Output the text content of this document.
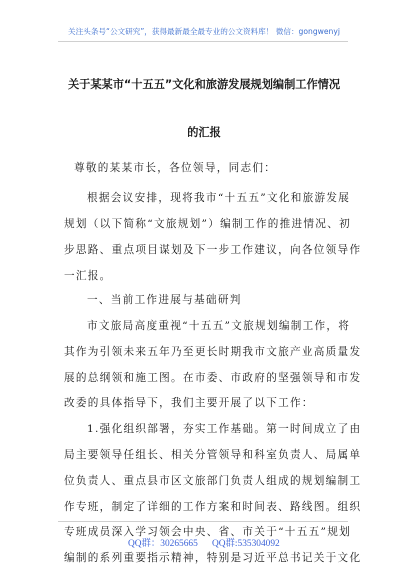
关注头条号“公文研究”，获得最新最全最专业的公文资料库！ 微信：gongwenyj
关于某某市“十五五”文化和旅游发展规划编制工作情况
的汇报
尊敬的某某市长，各位领导，同志们：
根据会议安排，现将我市“十五五”文化和旅游发展
规划（以下简称“文旅规划”）编制工作的推进情况、初
步思路、重点项目谋划及下一步工作建议，向各位领导作
一汇报。
一、当前工作进展与基础研判
市文旅局高度重视“十五五”文旅规划编制工作，将
其作为引领未来五年乃至更长时期我市文旅产业高质量发
展的总纲领和施工图。在市委、市政府的坚强领导和市发
改委的具体指导下，我们主要开展了以下工作：
1.强化组织部署，夯实工作基础。第一时间成立了由
局主要领导任组长、相关分管领导和科室负责人、局属单
位负责人、重点县市区文旅部门负责人组成的规划编制工
作专班，制定了详细的工作方案和时间表、路线图。组织
专班成员深入学习领会中央、省、市关于“十五五”规划
编制的系列重要指示精神，特别是习近平总书记关于文化
QQ群：30265665 QQ群:535304092
